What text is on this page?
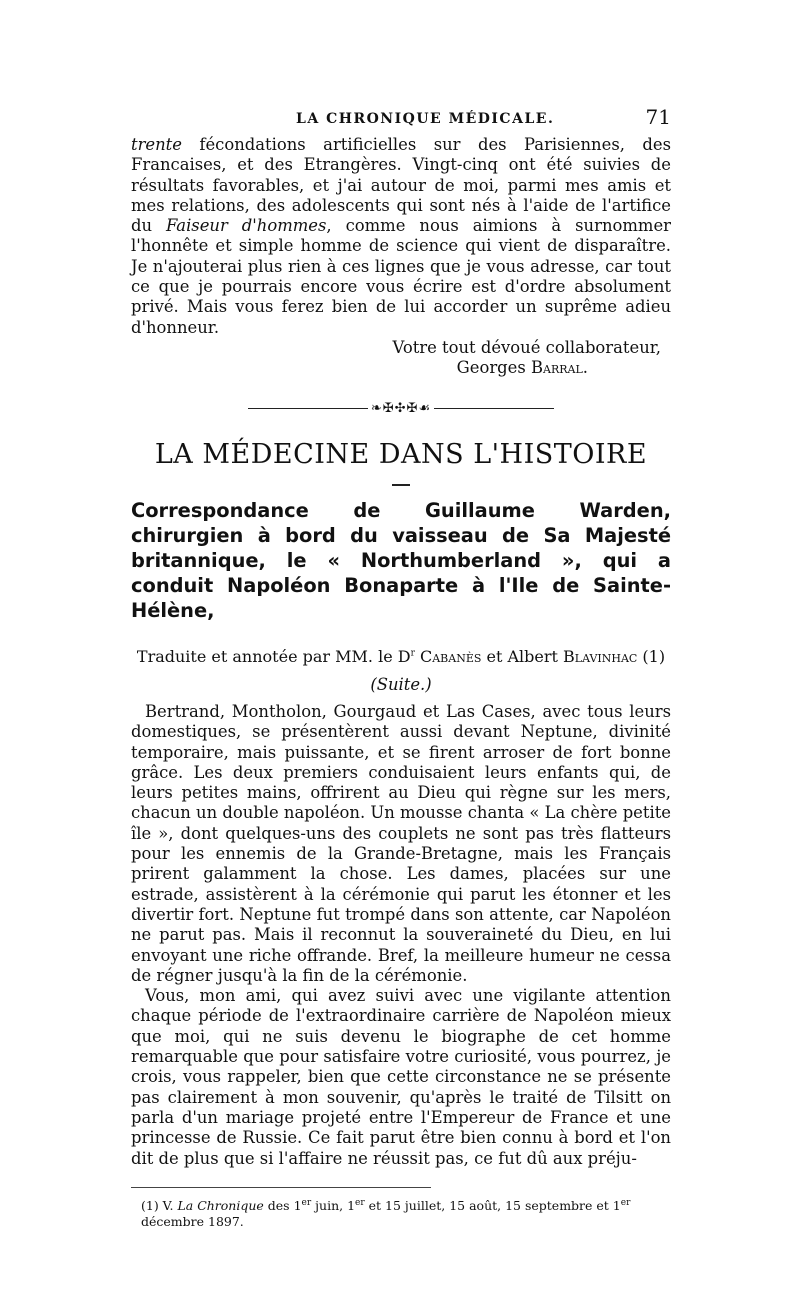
LA CHRONIQUE MÉDICALE.	71

trente fécondations artificielles sur des Parisiennes, des Francaises, et des Etrangères. Vingt-cinq ont été suivies de résultats favorables, et j'ai autour de moi, parmi mes amis et mes relations, des adolescents qui sont nés à l'aide de l'artifice du Faiseur d'hommes, comme nous aimions à surnommer l'honnête et simple homme de science qui vient de disparaître. Je n'ajouterai plus rien à ces lignes que je vous adresse, car tout ce que je pourrais encore vous écrire est d'ordre absolument privé. Mais vous ferez bien de lui accorder un suprême adieu d'honneur.

Votre tout dévoué collaborateur,

Georges Barral.

❧✠✣✠☙
LA MÉDECINE DANS L'HISTOIRE

Correspondance de Guillaume Warden, chirurgien à bord du vaisseau de Sa Majesté britannique, le « Northumberland », qui a conduit Napoléon Bonaparte à l'Ile de Sainte-Hélène,

Traduite et annotée par MM. le $D^r$ Cabanès et Albert Blavinhac (1)
(Suite.)

Bertrand, Montholon, Gourgaud et Las Cases, avec tous leurs domestiques, se présentèrent aussi devant Neptune, divinité temporaire, mais puissante, et se firent arroser de fort bonne grâce. Les deux premiers conduisaient leurs enfants qui, de leurs petites mains, offrirent au Dieu qui règne sur les mers, chacun un double napoléon. Un mousse chanta « La chère petite île », dont quelques-uns des couplets ne sont pas très flatteurs pour les ennemis de la Grande-Bretagne, mais les Français prirent galamment la chose. Les dames, placées sur une estrade, assistèrent à la cérémonie qui parut les étonner et les divertir fort. Neptune fut trompé dans son attente, car Napoléon ne parut pas. Mais il reconnut la souveraineté du Dieu, en lui envoyant une riche offrande. Bref, la meilleure humeur ne cessa de régner jusqu'à la fin de la cérémonie.

Vous, mon ami, qui avez suivi avec une vigilante attention chaque période de l'extraordinaire carrière de Napoléon mieux que moi, qui ne suis devenu le biographe de cet homme remarquable que pour satisfaire votre curiosité, vous pourrez, je crois, vous rappeler, bien que cette circonstance ne se présente pas clairement à mon souvenir, qu'après le traité de Tilsitt on parla d'un mariage projeté entre l'Empereur de France et une princesse de Russie. Ce fait parut être bien connu à bord et l'on dit de plus que si l'affaire ne réussit pas, ce fut dû aux préju-

(1) V. La Chronique des 1er juin, 1er et 15 juillet, 15 août, 15 septembre et 1er décembre 1897.
